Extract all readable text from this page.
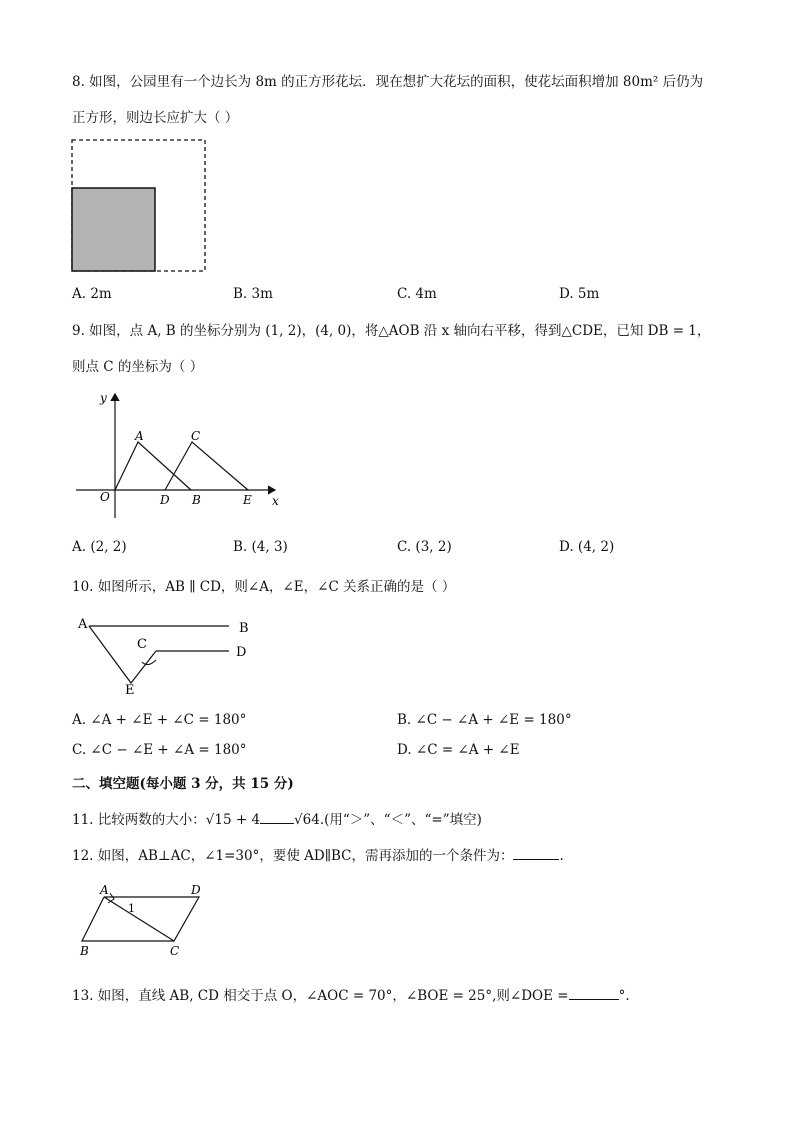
8. 如图，公园里有一个边长为 8m 的正方形花坛．现在想扩大花坛的面积，使花坛面积增加 80m² 后仍为
正方形，则边长应扩大（ ）
A. 2m	B. 3m	C. 4m	D. 5m
9. 如图，点 A, B 的坐标分别为 (1, 2)，(4, 0)，将△AOB 沿 x 轴向右平移，得到△CDE，已知 DB = 1，
则点 C 的坐标为（ ）
y
x
O
A	C
D B	E
A. (2, 2)	B. (4, 3)	C. (3, 2)	D. (4, 2)
10. 如图所示，AB ∥ CD，则∠A，∠E，∠C 关系正确的是（ ）
A	B
C
D
E
A. ∠A + ∠E + ∠C = 180°	B. ∠C − ∠A + ∠E = 180°
C. ∠C − ∠E + ∠A = 180°	D. ∠C = ∠A + ∠E
二、填空题(每小题 3 分，共 15 分)
11. 比较两数的大小：√15 + 4	√64.(用“＞”、“＜”、“=”填空)
12. 如图，AB⊥AC，∠1=30°，要使 AD∥BC，需再添加的一个条件为：	.
A	D
B	C
1
13. 如图，直线 AB, CD 相交于点 O，∠AOC = 70°，∠BOE = 25°,则∠DOE =	°.
